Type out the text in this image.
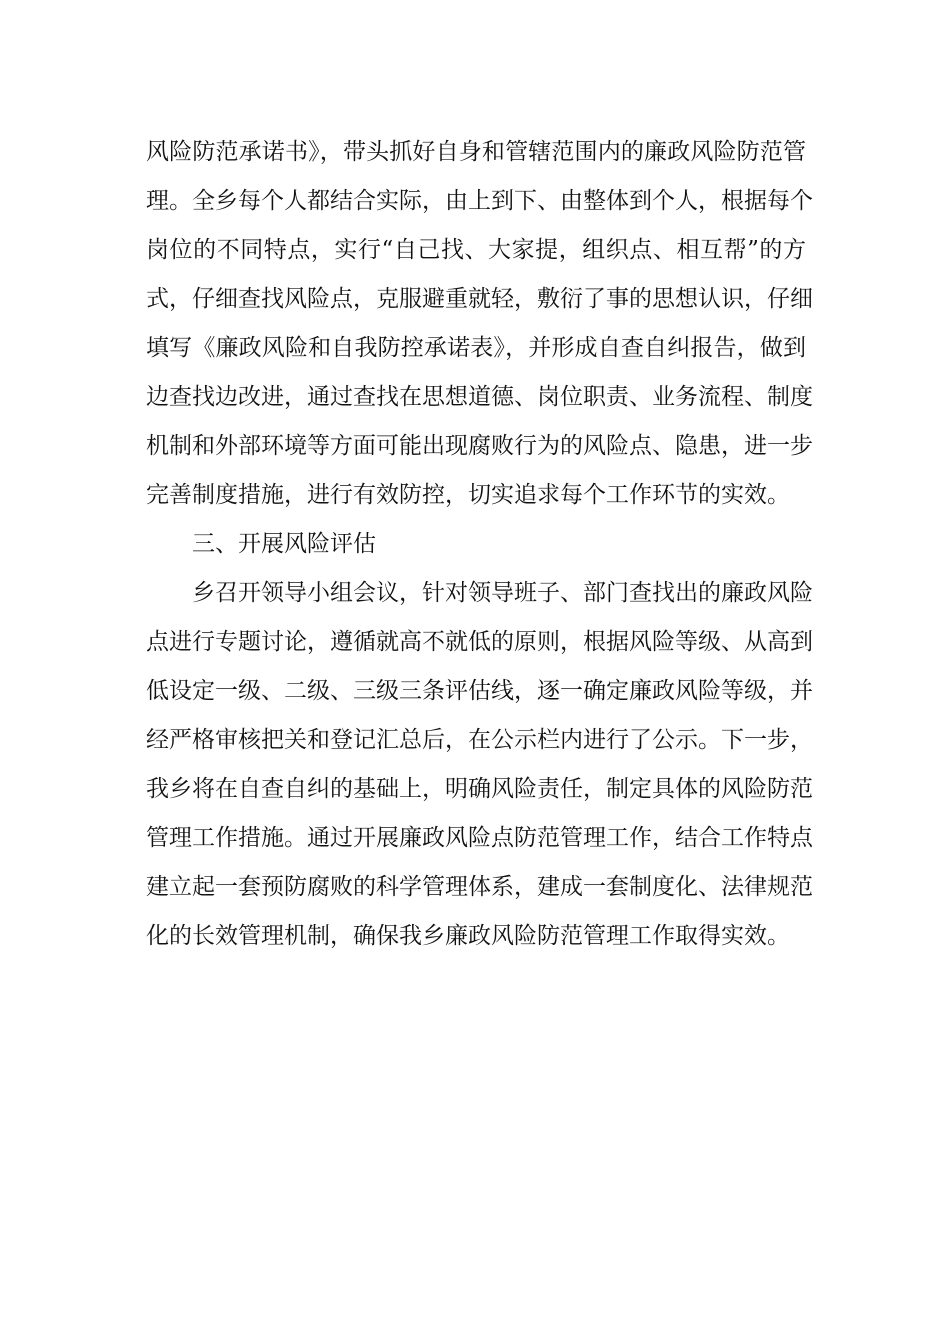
风险防范承诺书》，带头抓好自身和管辖范围内的廉政风险防范管
理。全乡每个人都结合实际，由上到下、由整体到个人，根据每个
岗位的不同特点，实行“自己找、大家提，组织点、相互帮”的方
式，仔细查找风险点，克服避重就轻，敷衍了事的思想认识，仔细
填写《廉政风险和自我防控承诺表》，并形成自查自纠报告，做到
边查找边改进，通过查找在思想道德、岗位职责、业务流程、制度
机制和外部环境等方面可能出现腐败行为的风险点、隐患，进一步
完善制度措施，进行有效防控，切实追求每个工作环节的实效。
三、开展风险评估
乡召开领导小组会议，针对领导班子、部门查找出的廉政风险
点进行专题讨论，遵循就高不就低的原则，根据风险等级、从高到
低设定一级、二级、三级三条评估线，逐一确定廉政风险等级，并
经严格审核把关和登记汇总后，在公示栏内进行了公示。下一步，
我乡将在自查自纠的基础上，明确风险责任，制定具体的风险防范
管理工作措施。通过开展廉政风险点防范管理工作，结合工作特点
建立起一套预防腐败的科学管理体系，建成一套制度化、法律规范
化的长效管理机制，确保我乡廉政风险防范管理工作取得实效。
